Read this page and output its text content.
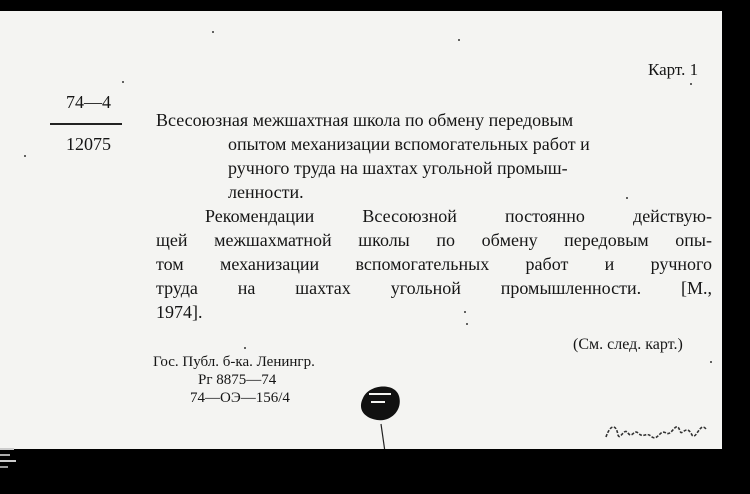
Карт. 1
74—4
12075
Всесоюзная межшахтная школа по обмену передовым
опытом механизации вспомогательных работ и
ручного труда на шахтах угольной промыш-
ленности.
Рекомендации Всесоюзной постоянно действую-
щей межшахматной школы по обмену передовым опы-
том механизации вспомогательных работ и ручного
труда на шахтах угольной промышленности. [М.,
1974].
(См. след. карт.)
Гос. Публ. б-ка. Ленингр.
Рг 8875—74
74—ОЭ—156/4
